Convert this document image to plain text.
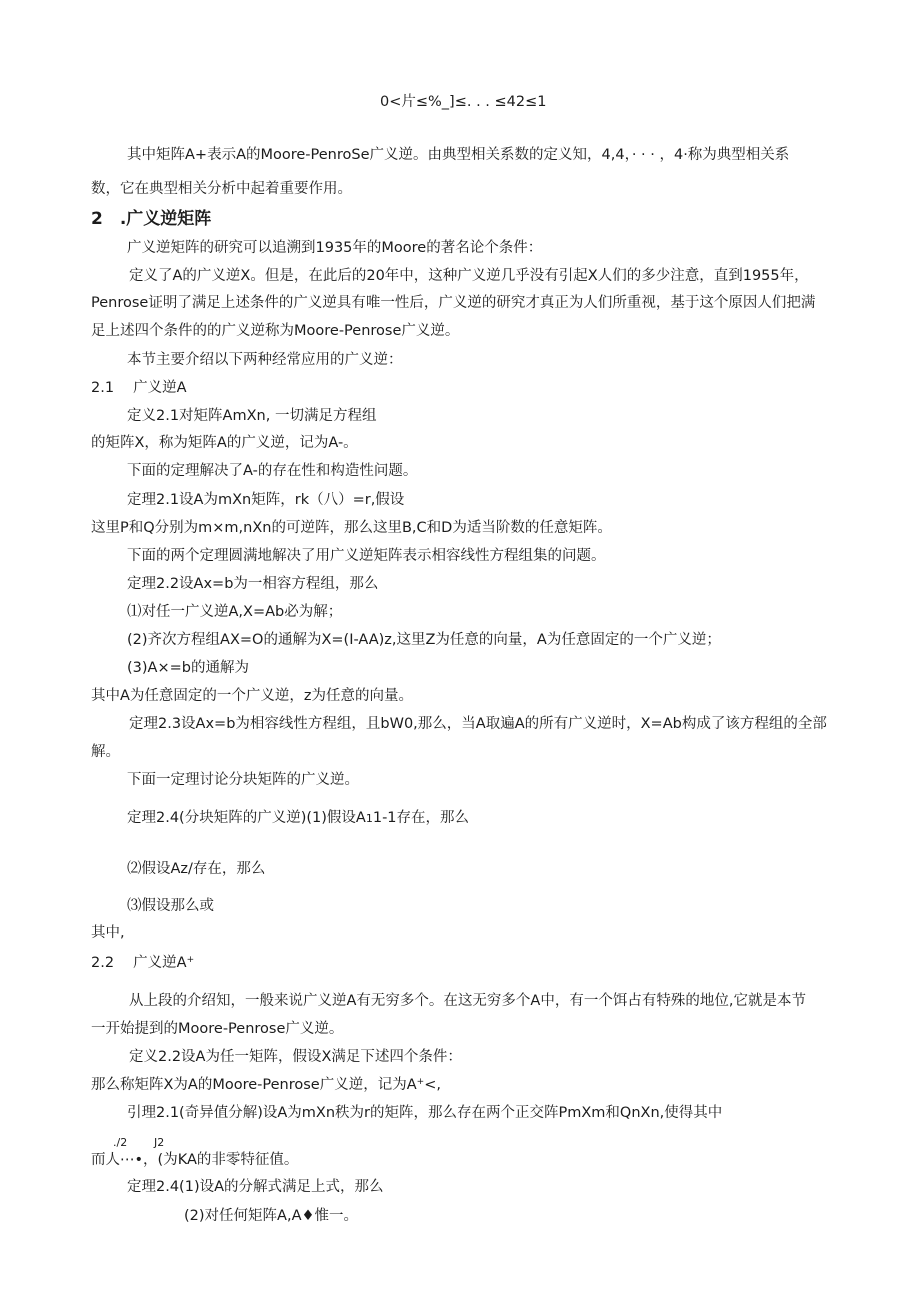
0<片≤%_]≤. . . ≤42≤1
其中矩阵A+表示A的Moore-PenroSe广义逆。由典型相关系数的定义知，4,4，· · · ，4·称为典型相关系
数，它在典型相关分析中起着重要作用。
2　.广义逆矩阵
广义逆矩阵的研究可以追溯到1935年的Moore的著名论个条件：
定义了A的广义逆X。但是，在此后的20年中，这种广义逆几乎没有引起X人们的多少注意，直到1955年，
Penrose证明了满足上述条件的广义逆具有唯一性后，广义逆的研究才真正为人们所重视，基于这个原因人们把满
足上述四个条件的的广义逆称为Moore-Penrose广义逆。
本节主要介绍以下两种经常应用的广义逆：
2.1　 广义逆A
定义2.1对矩阵AmXn, 一切满足方程组
的矩阵X，称为矩阵A的广义逆，记为A-。
下面的定理解决了A-的存在性和构造性问题。
定理2.1设A为mXn矩阵，rk（八）=r,假设
这里P和Q分别为m×m,nXn的可逆阵，那么这里B,C和D为适当阶数的任意矩阵。
下面的两个定理圆满地解决了用广义逆矩阵表示相容线性方程组集的问题。
定理2.2设Ax=b为一相容方程组，那么
⑴对任一广义逆A,X=Ab必为解；
(2)齐次方程组AX=O的通解为X=(I-AA)z,这里Z为任意的向量，A为任意固定的一个广义逆；
(3)A×=b的通解为
其中A为任意固定的一个广义逆，z为任意的向量。
定理2.3设Ax=b为相容线性方程组，且bW0,那么，当A取遍A的所有广义逆时，X=Ab构成了该方程组的全部
解。
下面一定理讨论分块矩阵的广义逆。
定理2.4(分块矩阵的广义逆)(1)假设A11-1存在，那么
⑵假设Az/存在，那么
⑶假设那么或
其中,
2.2　 广义逆A+
从上段的介绍知，一般来说广义逆A有无穷多个。在这无穷多个A中，有一个饵占有特殊的地位,它就是本节
一开始提到的Moore-Penrose广义逆。
定义2.2设A为任一矩阵，假设X满足下述四个条件：
那么称矩阵X为A的Moore-Penrose广义逆，记为A+<,
引理2.1(奇异值分解)设A为mXn秩为r的矩阵，那么存在两个正交阵PmXm和QnXn,使得其中
./2 J2
而人⋯•，(为KA的非零特征值。
定理2.4(1)设A的分解式满足上式，那么
(2)对任何矩阵A,A♦惟一。
